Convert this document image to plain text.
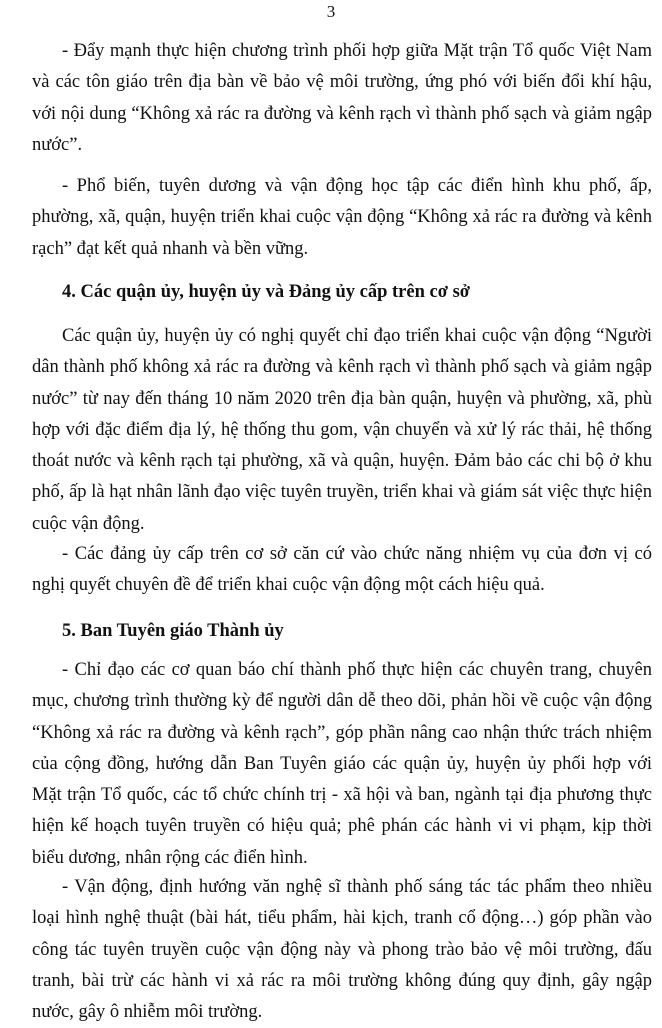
3

- Đẩy mạnh thực hiện chương trình phối hợp giữa Mặt trận Tổ quốc Việt Nam và các tôn giáo trên địa bàn về bảo vệ môi trường, ứng phó với biến đổi khí hậu, với nội dung “Không xả rác ra đường và kênh rạch vì thành phố sạch và giảm ngập nước”.

- Phổ biến, tuyên dương và vận động học tập các điển hình khu phố, ấp, phường, xã, quận, huyện triển khai cuộc vận động “Không xả rác ra đường và kênh rạch” đạt kết quả nhanh và bền vững.

4. Các quận ủy, huyện ủy và Đảng ủy cấp trên cơ sở

Các quận ủy, huyện ủy có nghị quyết chỉ đạo triển khai cuộc vận động “Người dân thành phố không xả rác ra đường và kênh rạch vì thành phố sạch và giảm ngập nước” từ nay đến tháng 10 năm 2020 trên địa bàn quận, huyện và phường, xã, phù hợp với đặc điểm địa lý, hệ thống thu gom, vận chuyển và xử lý rác thải, hệ thống thoát nước và kênh rạch tại phường, xã và quận, huyện. Đảm bảo các chi bộ ở khu phố, ấp là hạt nhân lãnh đạo việc tuyên truyền, triển khai và giám sát việc thực hiện cuộc vận động.

- Các đảng ủy cấp trên cơ sở căn cứ vào chức năng nhiệm vụ của đơn vị có nghị quyết chuyên đề để triển khai cuộc vận động một cách hiệu quả.

5. Ban Tuyên giáo Thành ủy

- Chỉ đạo các cơ quan báo chí thành phố thực hiện các chuyên trang, chuyên mục, chương trình thường kỳ để người dân dễ theo dõi, phản hồi về cuộc vận động “Không xả rác ra đường và kênh rạch”, góp phần nâng cao nhận thức trách nhiệm của cộng đồng, hướng dẫn Ban Tuyên giáo các quận ủy, huyện ủy phối hợp với Mặt trận Tổ quốc, các tổ chức chính trị - xã hội và ban, ngành tại địa phương thực hiện kế hoạch tuyên truyền có hiệu quả; phê phán các hành vi vi phạm, kịp thời biểu dương, nhân rộng các điển hình.

- Vận động, định hướng văn nghệ sĩ thành phố sáng tác tác phẩm theo nhiều loại hình nghệ thuật (bài hát, tiểu phẩm, hài kịch, tranh cổ động…) góp phần vào công tác tuyên truyền cuộc vận động này và phong trào bảo vệ môi trường, đấu tranh, bài trừ các hành vi xả rác ra môi trường không đúng quy định, gây ngập nước, gây ô nhiễm môi trường.
